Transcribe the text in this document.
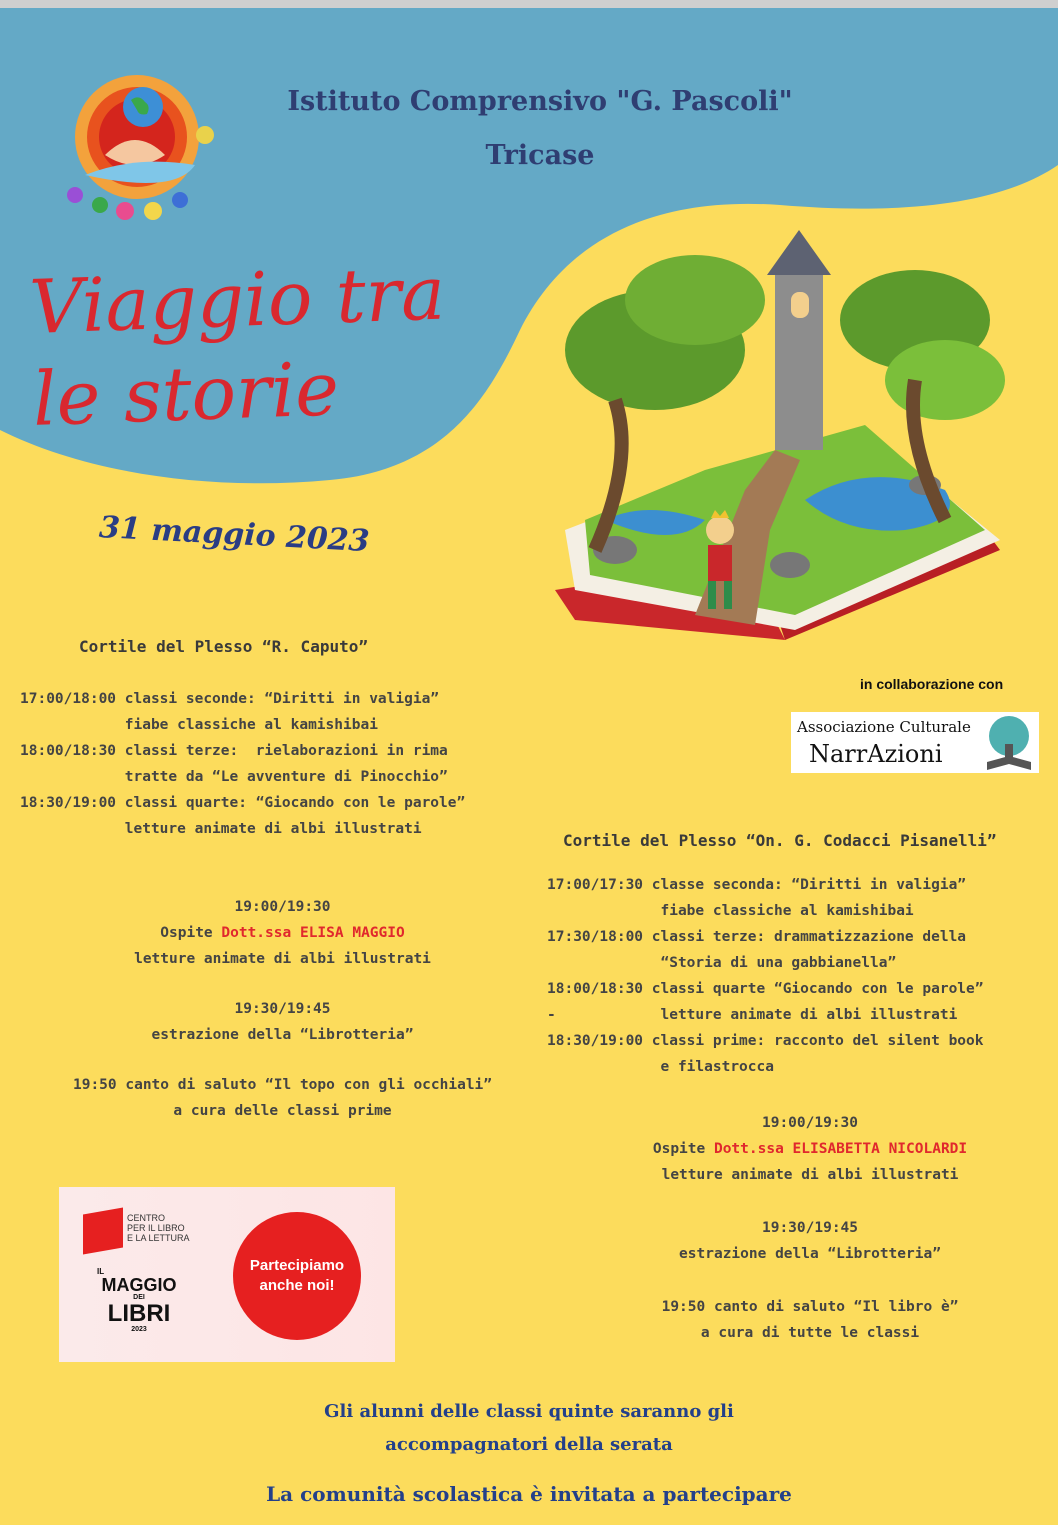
Istituto Comprensivo "G. Pascoli"
Tricase
Viaggio tra
le storie
31 maggio 2023
in collaborazione con
Associazione Culturale
NarrAzioni
Cortile del Plesso “R. Caputo”
17:00/18:00 classi seconde: “Diritti in valigia”
fiabe classiche al kamishibai
18:00/18:30 classi terze:  rielaborazioni in rima
tratte da “Le avventure di Pinocchio”
18:30/19:00 classi quarte: “Giocando con le parole”
letture animate di albi illustrati
19:00/19:30
Ospite Dott.ssa ELISA MAGGIO
letture animate di albi illustrati
19:30/19:45
estrazione della “Librotteria”
19:50 canto di saluto “Il topo con gli occhiali”
a cura delle classi prime
Cortile del Plesso “On. G. Codacci Pisanelli”
17:00/17:30 classe seconda: “Diritti in valigia”
fiabe classiche al kamishibai
17:30/18:00 classi terze: drammatizzazione della
“Storia di una gabbianella”
18:00/18:30 classi quarte “Giocando con le parole”
-            letture animate di albi illustrati
18:30/19:00 classi prime: racconto del silent book
e filastrocca
19:00/19:30
Ospite Dott.ssa ELISABETTA NICOLARDI
letture animate di albi illustrati
19:30/19:45
estrazione della “Librotteria”
19:50 canto di saluto “Il libro è”
a cura di tutte le classi
CENTRO
PER IL LIBRO
E LA LETTURA
IL
MAGGIO
DEI
LIBRI
2023
Partecipiamo
anche noi!
Gli alunni delle classi quinte saranno gli
accompagnatori della serata
La comunità scolastica è invitata a partecipare
